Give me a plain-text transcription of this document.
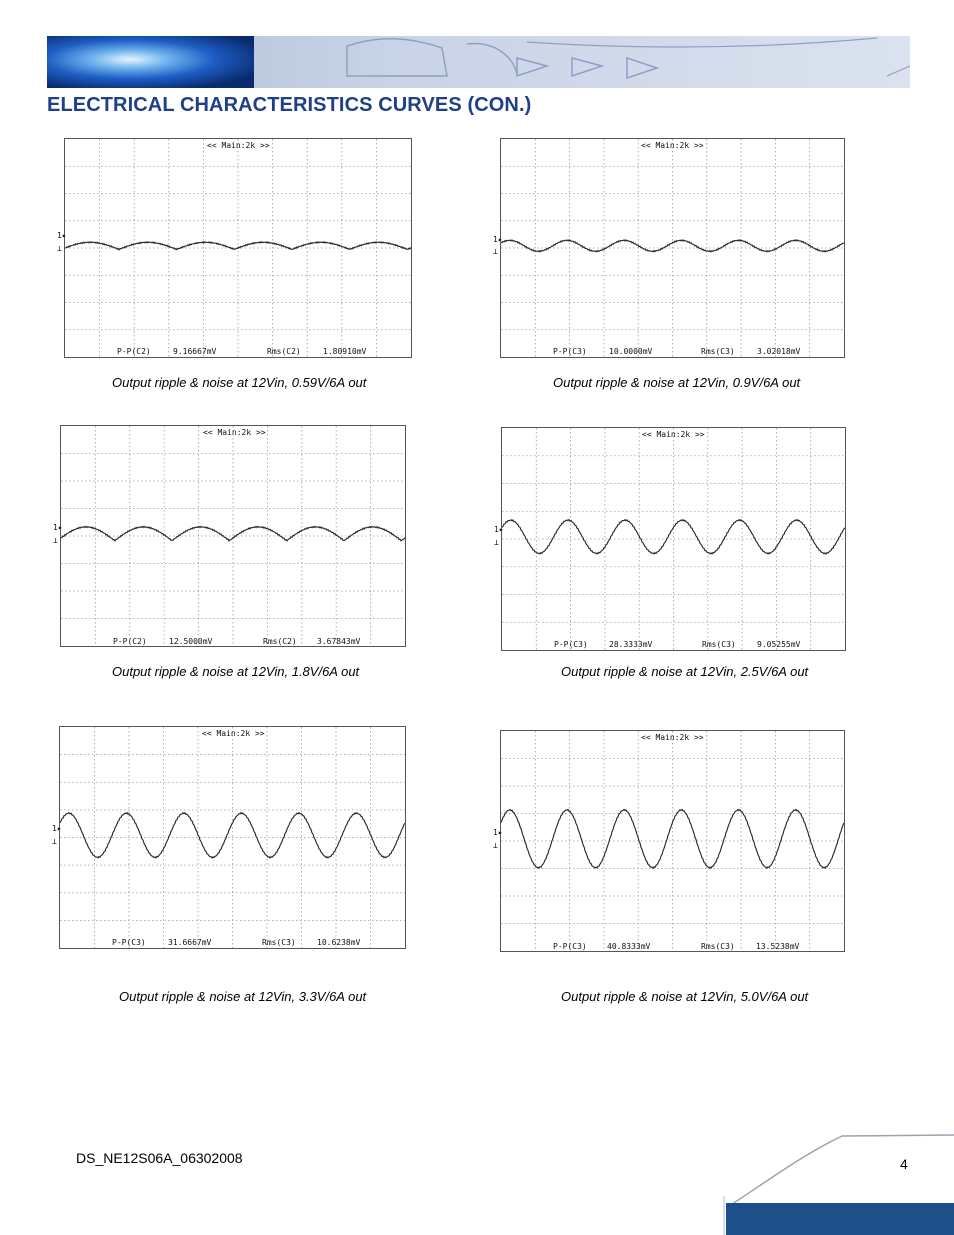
ELECTRICAL CHARACTERISTICS CURVES (CON.)
<< Main:2k >>
1▸
⊥
P-P(C2)	9.16667mV	Rms(C2)	1.80910mV
Output ripple & noise at 12Vin, 0.59V/6A out
<< Main:2k >>
1▸
⊥
P-P(C3)	10.0000mV	Rms(C3)	3.02018mV
Output ripple & noise at 12Vin, 0.9V/6A out
<< Main:2k >>
1▸
⊥
P-P(C2)	12.5000mV	Rms(C2)	3.67843mV
Output ripple & noise at 12Vin, 1.8V/6A out
<< Main:2k >>
1▸
⊥
P-P(C3)	28.3333mV	Rms(C3)	9.05255mV
Output ripple & noise at 12Vin, 2.5V/6A out
<< Main:2k >>
1▸
⊥
P-P(C3)	31.6667mV	Rms(C3)	10.6238mV
Output ripple & noise at 12Vin, 3.3V/6A out
<< Main:2k >>
1▸
⊥
P-P(C3)	40.8333mV	Rms(C3)	13.5238mV
Output ripple & noise at 12Vin, 5.0V/6A out
DS_NE12S06A_06302008	4
